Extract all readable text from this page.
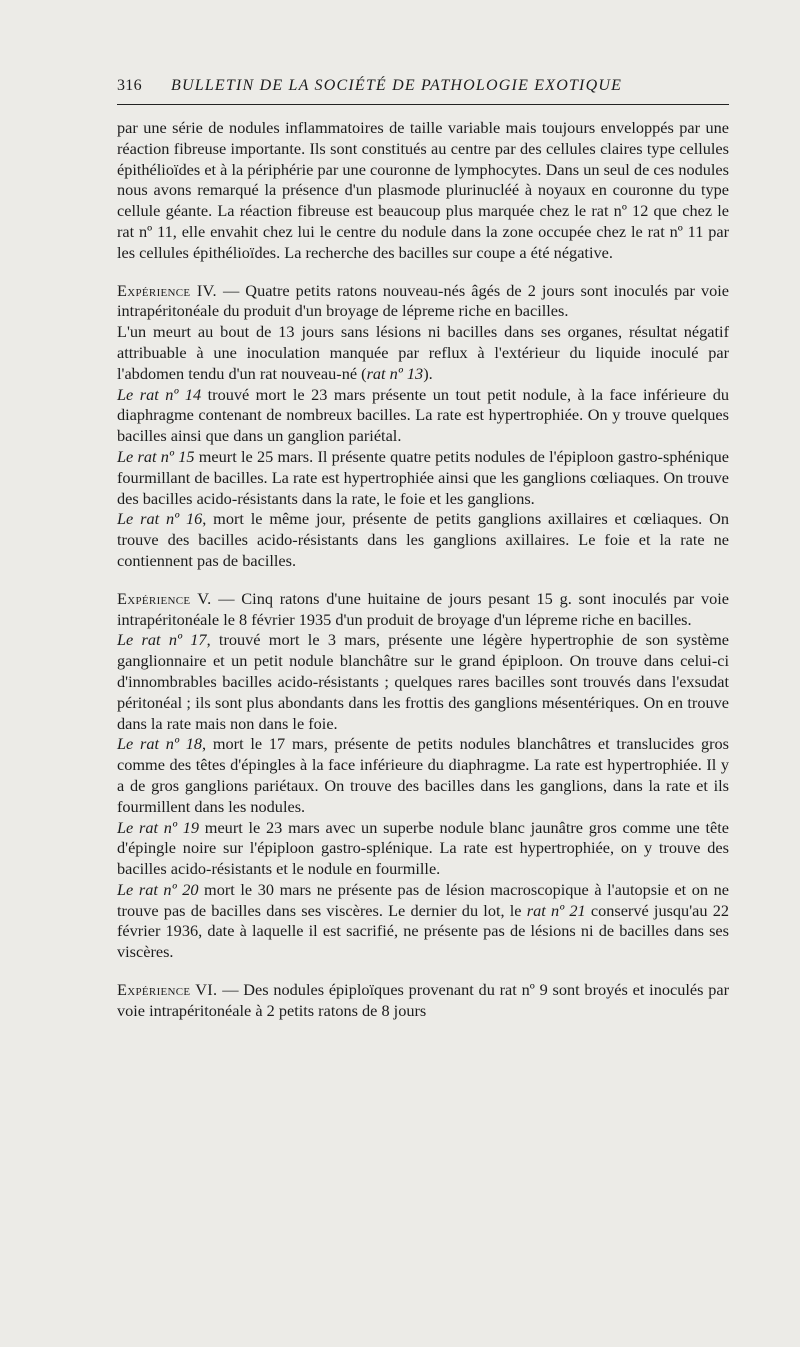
316 BULLETIN DE LA SOCIÉTÉ DE PATHOLOGIE EXOTIQUE

par une série de nodules inflammatoires de taille variable mais toujours enveloppés par une réaction fibreuse importante. Ils sont constitués au centre par des cellules claires type cellules épithélioïdes et à la périphérie par une couronne de lymphocytes. Dans un seul de ces nodules nous avons remarqué la présence d'un plasmode plurinucléé à noyaux en couronne du type cellule géante. La réaction fibreuse est beaucoup plus marquée chez le rat nº 12 que chez le rat nº 11, elle envahit chez lui le centre du nodule dans la zone occupée chez le rat nº 11 par les cellules épithélioïdes. La recherche des bacilles sur coupe a été négative.

Expérience IV. — Quatre petits ratons nouveau-nés âgés de 2 jours sont inoculés par voie intrapéritonéale du produit d'un broyage de lépreme riche en bacilles.

L'un meurt au bout de 13 jours sans lésions ni bacilles dans ses organes, résultat négatif attribuable à une inoculation manquée par reflux à l'extérieur du liquide inoculé par l'abdomen tendu d'un rat nouveau-né (rat nº 13).

Le rat nº 14 trouvé mort le 23 mars présente un tout petit nodule, à la face inférieure du diaphragme contenant de nombreux bacilles. La rate est hypertrophiée. On y trouve quelques bacilles ainsi que dans un ganglion pariétal.

Le rat nº 15 meurt le 25 mars. Il présente quatre petits nodules de l'épiploon gastro-sphénique fourmillant de bacilles. La rate est hypertrophiée ainsi que les ganglions cœliaques. On trouve des bacilles acido-résistants dans la rate, le foie et les ganglions.

Le rat nº 16, mort le même jour, présente de petits ganglions axillaires et cœliaques. On trouve des bacilles acido-résistants dans les ganglions axillaires. Le foie et la rate ne contiennent pas de bacilles.

Expérience V. — Cinq ratons d'une huitaine de jours pesant 15 g. sont inoculés par voie intrapéritonéale le 8 février 1935 d'un produit de broyage d'un lépreme riche en bacilles.

Le rat nº 17, trouvé mort le 3 mars, présente une légère hypertrophie de son système ganglionnaire et un petit nodule blanchâtre sur le grand épiploon. On trouve dans celui-ci d'innombrables bacilles acido-résistants ; quelques rares bacilles sont trouvés dans l'exsudat péritonéal ; ils sont plus abondants dans les frottis des ganglions mésentériques. On en trouve dans la rate mais non dans le foie.

Le rat nº 18, mort le 17 mars, présente de petits nodules blanchâtres et translucides gros comme des têtes d'épingles à la face inférieure du diaphragme. La rate est hypertrophiée. Il y a de gros ganglions pariétaux. On trouve des bacilles dans les ganglions, dans la rate et ils fourmillent dans les nodules.

Le rat nº 19 meurt le 23 mars avec un superbe nodule blanc jaunâtre gros comme une tête d'épingle noire sur l'épiploon gastro-splénique. La rate est hypertrophiée, on y trouve des bacilles acido-résistants et le nodule en fourmille.

Le rat nº 20 mort le 30 mars ne présente pas de lésion macroscopique à l'autopsie et on ne trouve pas de bacilles dans ses viscères. Le dernier du lot, le rat nº 21 conservé jusqu'au 22 février 1936, date à laquelle il est sacrifié, ne présente pas de lésions ni de bacilles dans ses viscères.

Expérience VI. — Des nodules épiploïques provenant du rat nº 9 sont broyés et inoculés par voie intrapéritonéale à 2 petits ratons de 8 jours
